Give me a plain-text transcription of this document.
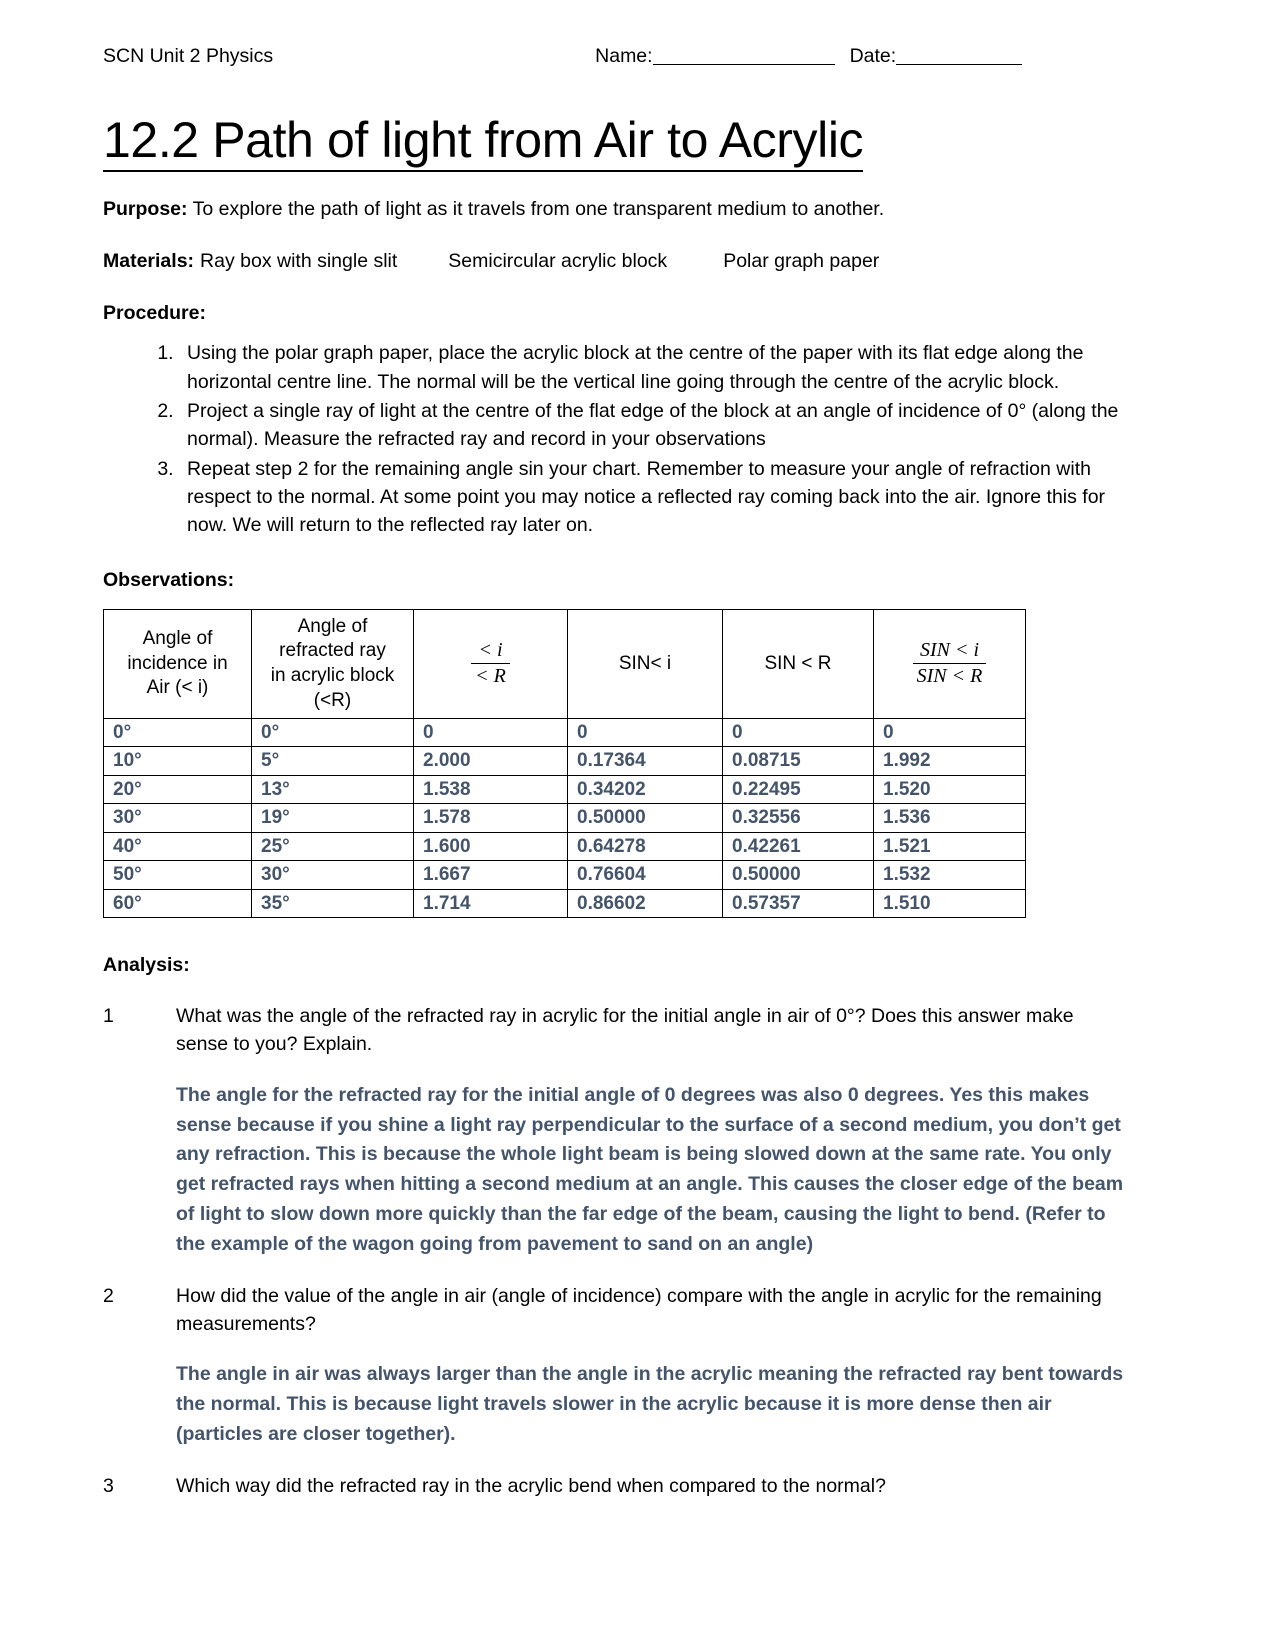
SCN Unit 2 Physics	Name:	Date:
12.2 Path of light from Air to Acrylic

Purpose: To explore the path of light as it travels from one transparent medium to another.

Materials: Ray box with single slit	Semicircular acrylic block	Polar graph paper

Procedure:

1. Using the polar graph paper, place the acrylic block at the centre of the paper with its flat edge along the horizontal centre line. The normal will be the vertical line going through the centre of the acrylic block.
2. Project a single ray of light at the centre of the flat edge of the block at an angle of incidence of 0° (along the normal). Measure the refracted ray and record in your observations
3. Repeat step 2 for the remaining angle sin your chart. Remember to measure your angle of refraction with respect to the normal. At some point you may notice a reflected ray coming back into the air. Ignore this for now. We will return to the reflected ray later on.

Observations:

Angle of
incidence in
Air (< i)	Angle of
refracted ray
in acrylic block
(<R)	$\frac{< i}{< R}$	SIN< i	SIN < R	$\frac{\text{SIN < i}}{\text{SIN < R}}$

0°	0°	0	0	0	0
10°	5°	2.000	0.17364	0.08715	1.992
20°	13°	1.538	0.34202	0.22495	1.520
30°	19°	1.578	0.50000	0.32556	1.536
40°	25°	1.600	0.64278	0.42261	1.521
50°	30°	1.667	0.76604	0.50000	1.532
60°	35°	1.714	0.86602	0.57357	1.510

Analysis:

1	What was the angle of the refracted ray in acrylic for the initial angle in air of 0°? Does this answer make sense to you? Explain.

The angle for the refracted ray for the initial angle of 0 degrees was also 0 degrees. Yes this makes sense because if you shine a light ray perpendicular to the surface of a second medium, you don’t get any refraction. This is because the whole light beam is being slowed down at the same rate. You only get refracted rays when hitting a second medium at an angle. This causes the closer edge of the beam of light to slow down more quickly than the far edge of the beam, causing the light to bend. (Refer to the example of the wagon going from pavement to sand on an angle)

2	How did the value of the angle in air (angle of incidence) compare with the angle in acrylic for the remaining measurements?

The angle in air was always larger than the angle in the acrylic meaning the refracted ray bent towards the normal. This is because light travels slower in the acrylic because it is more dense then air (particles are closer together).

3	Which way did the refracted ray in the acrylic bend when compared to the normal?
